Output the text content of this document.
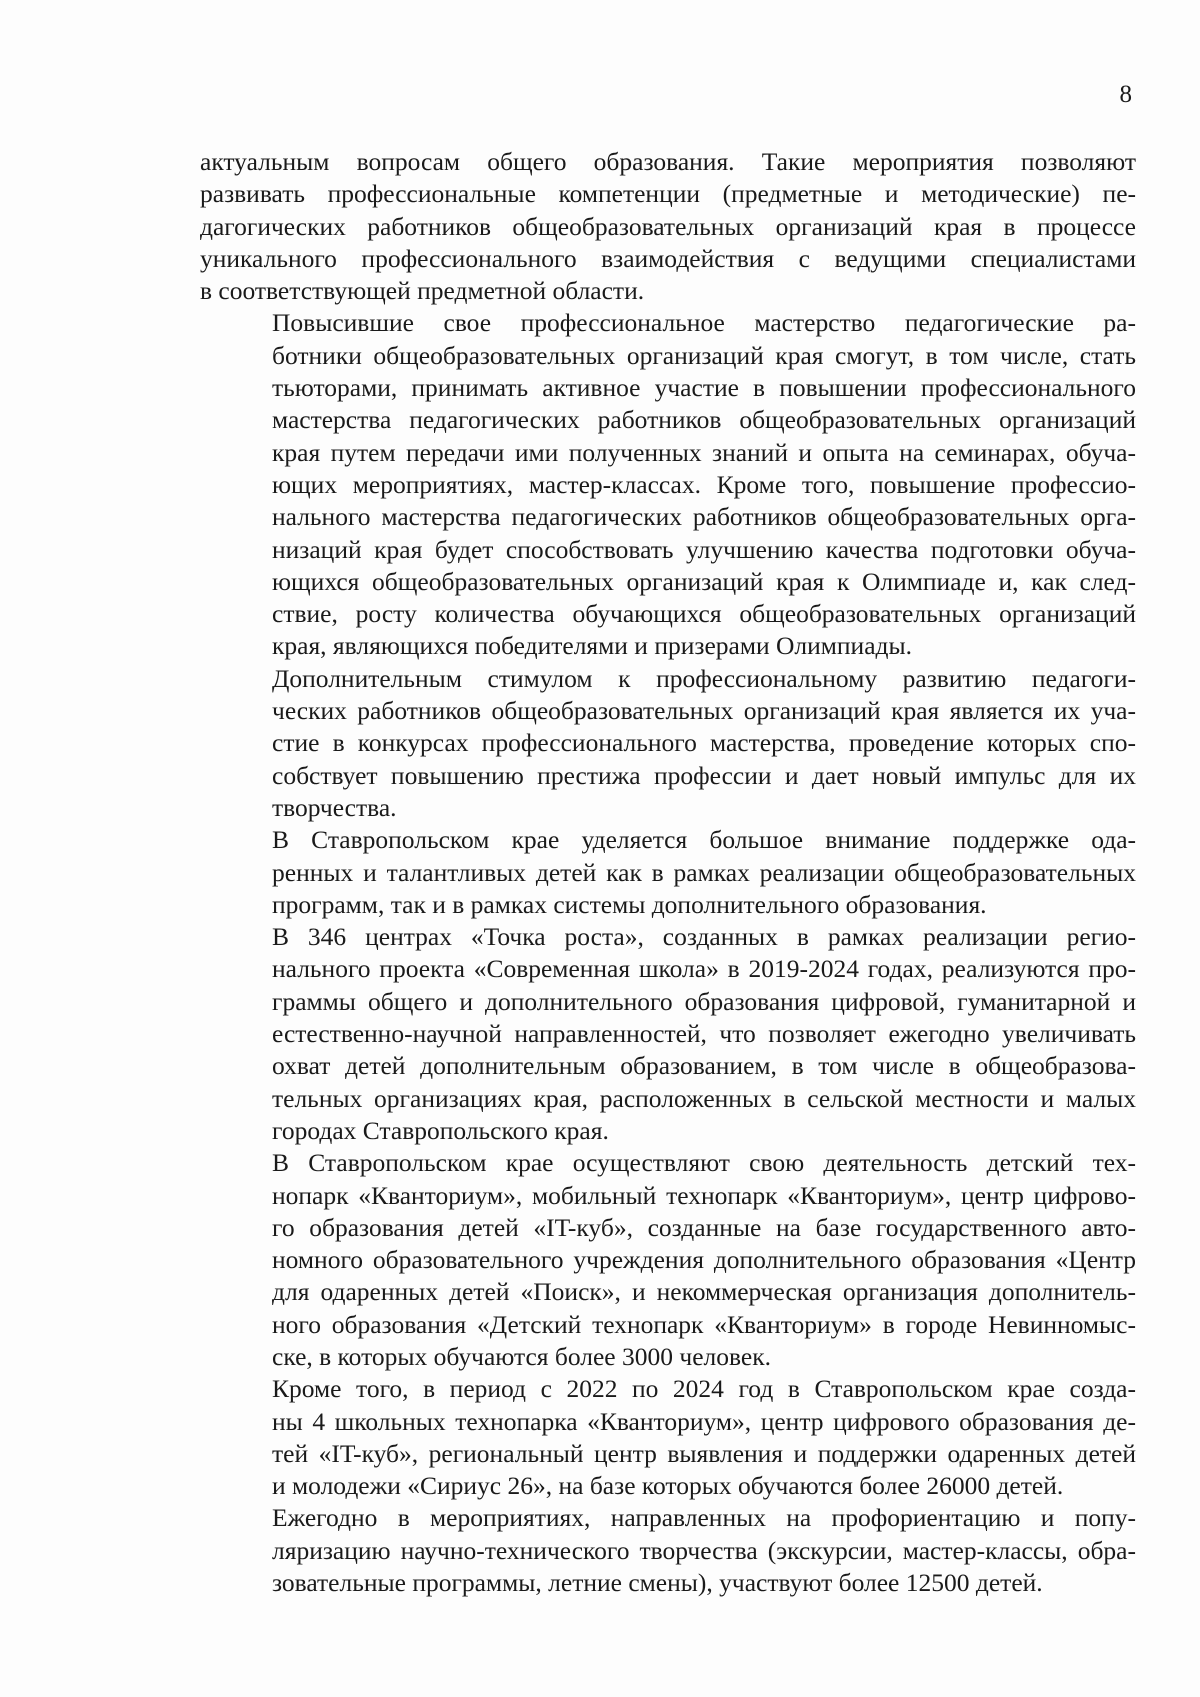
8
актуальным вопросам общего образования. Такие мероприятия позволяют
развивать профессиональные компетенции (предметные и методические) пе-
дагогических работников общеобразовательных организаций края в процессе
уникального профессионального взаимодействия с ведущими специалистами
в соответствующей предметной области.
Повысившие свое профессиональное мастерство педагогические ра-
ботники общеобразовательных организаций края смогут, в том числе, стать
тьюторами, принимать активное участие в повышении профессионального
мастерства педагогических работников общеобразовательных организаций
края путем передачи ими полученных знаний и опыта на семинарах, обуча-
ющих мероприятиях, мастер-классах. Кроме того, повышение профессио-
нального мастерства педагогических работников общеобразовательных орга-
низаций края будет способствовать улучшению качества подготовки обуча-
ющихся общеобразовательных организаций края к Олимпиаде и, как след-
ствие, росту количества обучающихся общеобразовательных организаций
края, являющихся победителями и призерами Олимпиады.
Дополнительным стимулом к профессиональному развитию педагоги-
ческих работников общеобразовательных организаций края является их уча-
стие в конкурсах профессионального мастерства, проведение которых спо-
собствует повышению престижа профессии и дает новый импульс для их
творчества.
В Ставропольском крае уделяется большое внимание поддержке ода-
ренных и талантливых детей как в рамках реализации общеобразовательных
программ, так и в рамках системы дополнительного образования.
В 346 центрах «Точка роста», созданных в рамках реализации регио-
нального проекта «Современная школа» в 2019-2024 годах, реализуются про-
граммы общего и дополнительного образования цифровой, гуманитарной и
естественно-научной направленностей, что позволяет ежегодно увеличивать
охват детей дополнительным образованием, в том числе в общеобразова-
тельных организациях края, расположенных в сельской местности и малых
городах Ставропольского края.
В Ставропольском крае осуществляют свою деятельность детский тех-
нопарк «Кванториум», мобильный технопарк «Кванториум», центр цифрово-
го образования детей «IT-куб», созданные на базе государственного авто-
номного образовательного учреждения дополнительного образования «Центр
для одаренных детей «Поиск», и некоммерческая организация дополнитель-
ного образования «Детский технопарк «Кванториум» в городе Невинномыс-
ске, в которых обучаются более 3000 человек.
Кроме того, в период с 2022 по 2024 год в Ставропольском крае созда-
ны 4 школьных технопарка «Кванториум», центр цифрового образования де-
тей «IT-куб», региональный центр выявления и поддержки одаренных детей
и молодежи «Сириус 26», на базе которых обучаются более 26000 детей.
Ежегодно в мероприятиях, направленных на профориентацию и попу-
ляризацию научно-технического творчества (экскурсии, мастер-классы, обра-
зовательные программы, летние смены), участвуют более 12500 детей.
